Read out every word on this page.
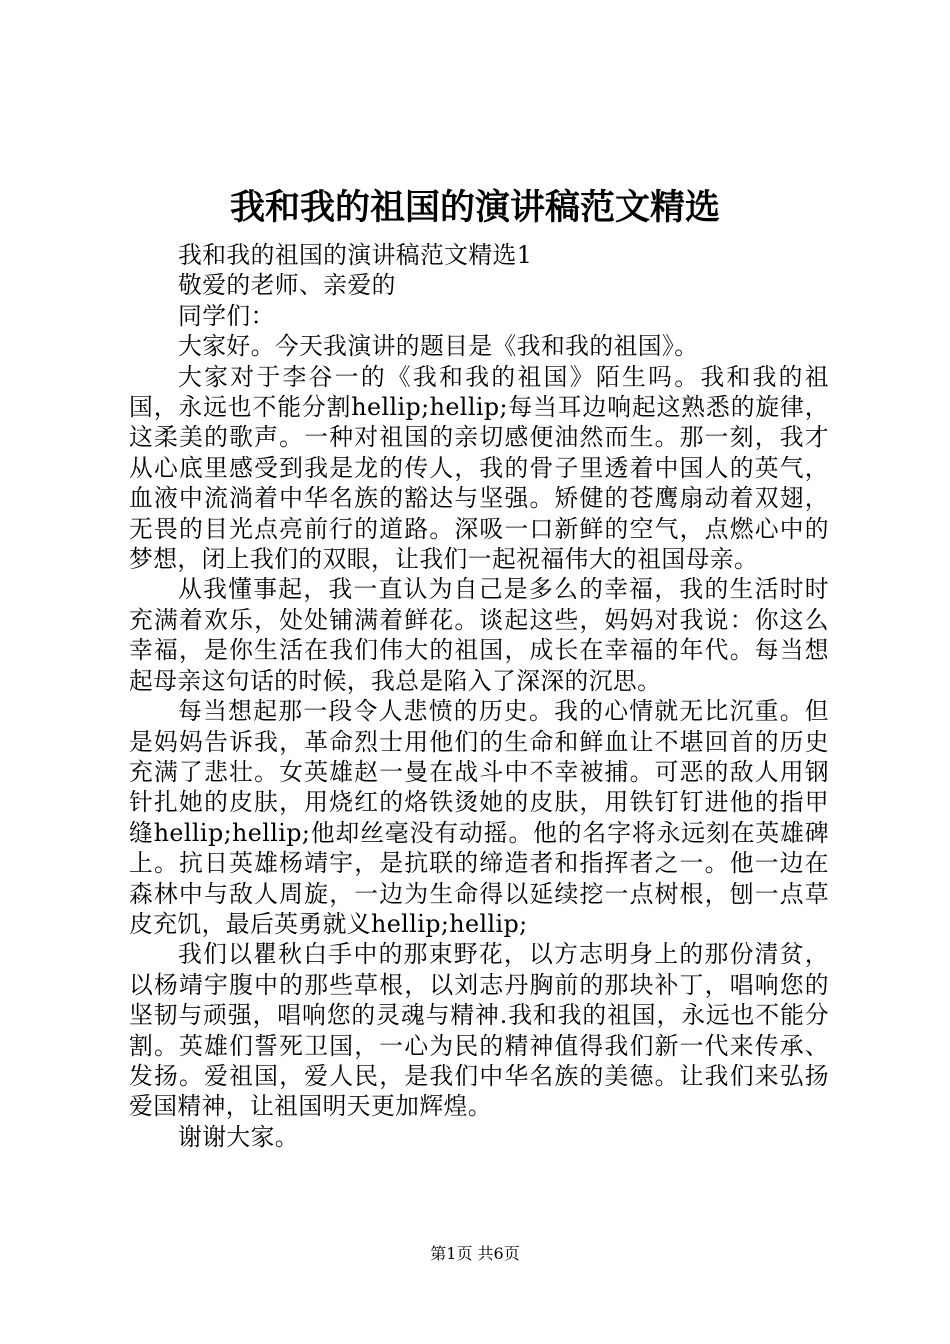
我和我的祖国的演讲稿范文精选

我和我的祖国的演讲稿范文精选1

敬爱的老师、亲爱的

同学们：

大家好。今天我演讲的题目是《我和我的祖国》。

大家对于李谷一的《我和我的祖国》陌生吗。我和我的祖国，永远也不能分割hellip;hellip;每当耳边响起这熟悉的旋律，这柔美的歌声。一种对祖国的亲切感便油然而生。那一刻，我才从心底里感受到我是龙的传人，我的骨子里透着中国人的英气，血液中流淌着中华名族的豁达与坚强。矫健的苍鹰扇动着双翅，无畏的目光点亮前行的道路。深吸一口新鲜的空气，点燃心中的梦想，闭上我们的双眼，让我们一起祝福伟大的祖国母亲。

从我懂事起，我一直认为自己是多么的幸福，我的生活时时充满着欢乐，处处铺满着鲜花。谈起这些，妈妈对我说：你这么幸福，是你生活在我们伟大的祖国，成长在幸福的年代。每当想起母亲这句话的时候，我总是陷入了深深的沉思。

每当想起那一段令人悲愤的历史。我的心情就无比沉重。但是妈妈告诉我，革命烈士用他们的生命和鲜血让不堪回首的历史充满了悲壮。女英雄赵一曼在战斗中不幸被捕。可恶的敌人用钢针扎她的皮肤，用烧红的烙铁烫她的皮肤，用铁钉钉进他的指甲缝hellip;hellip;他却丝毫没有动摇。他的名字将永远刻在英雄碑上。抗日英雄杨靖宇，是抗联的缔造者和指挥者之一。他一边在森林中与敌人周旋，一边为生命得以延续挖一点树根，刨一点草皮充饥，最后英勇就义hellip;hellip;

我们以瞿秋白手中的那束野花，以方志明身上的那份清贫，以杨靖宇腹中的那些草根，以刘志丹胸前的那块补丁，唱响您的坚韧与顽强，唱响您的灵魂与精神.我和我的祖国，永远也不能分割。英雄们誓死卫国，一心为民的精神值得我们新一代来传承、发扬。爱祖国，爱人民，是我们中华名族的美德。让我们来弘扬爱国精神，让祖国明天更加辉煌。

谢谢大家。

第1页 共6页
